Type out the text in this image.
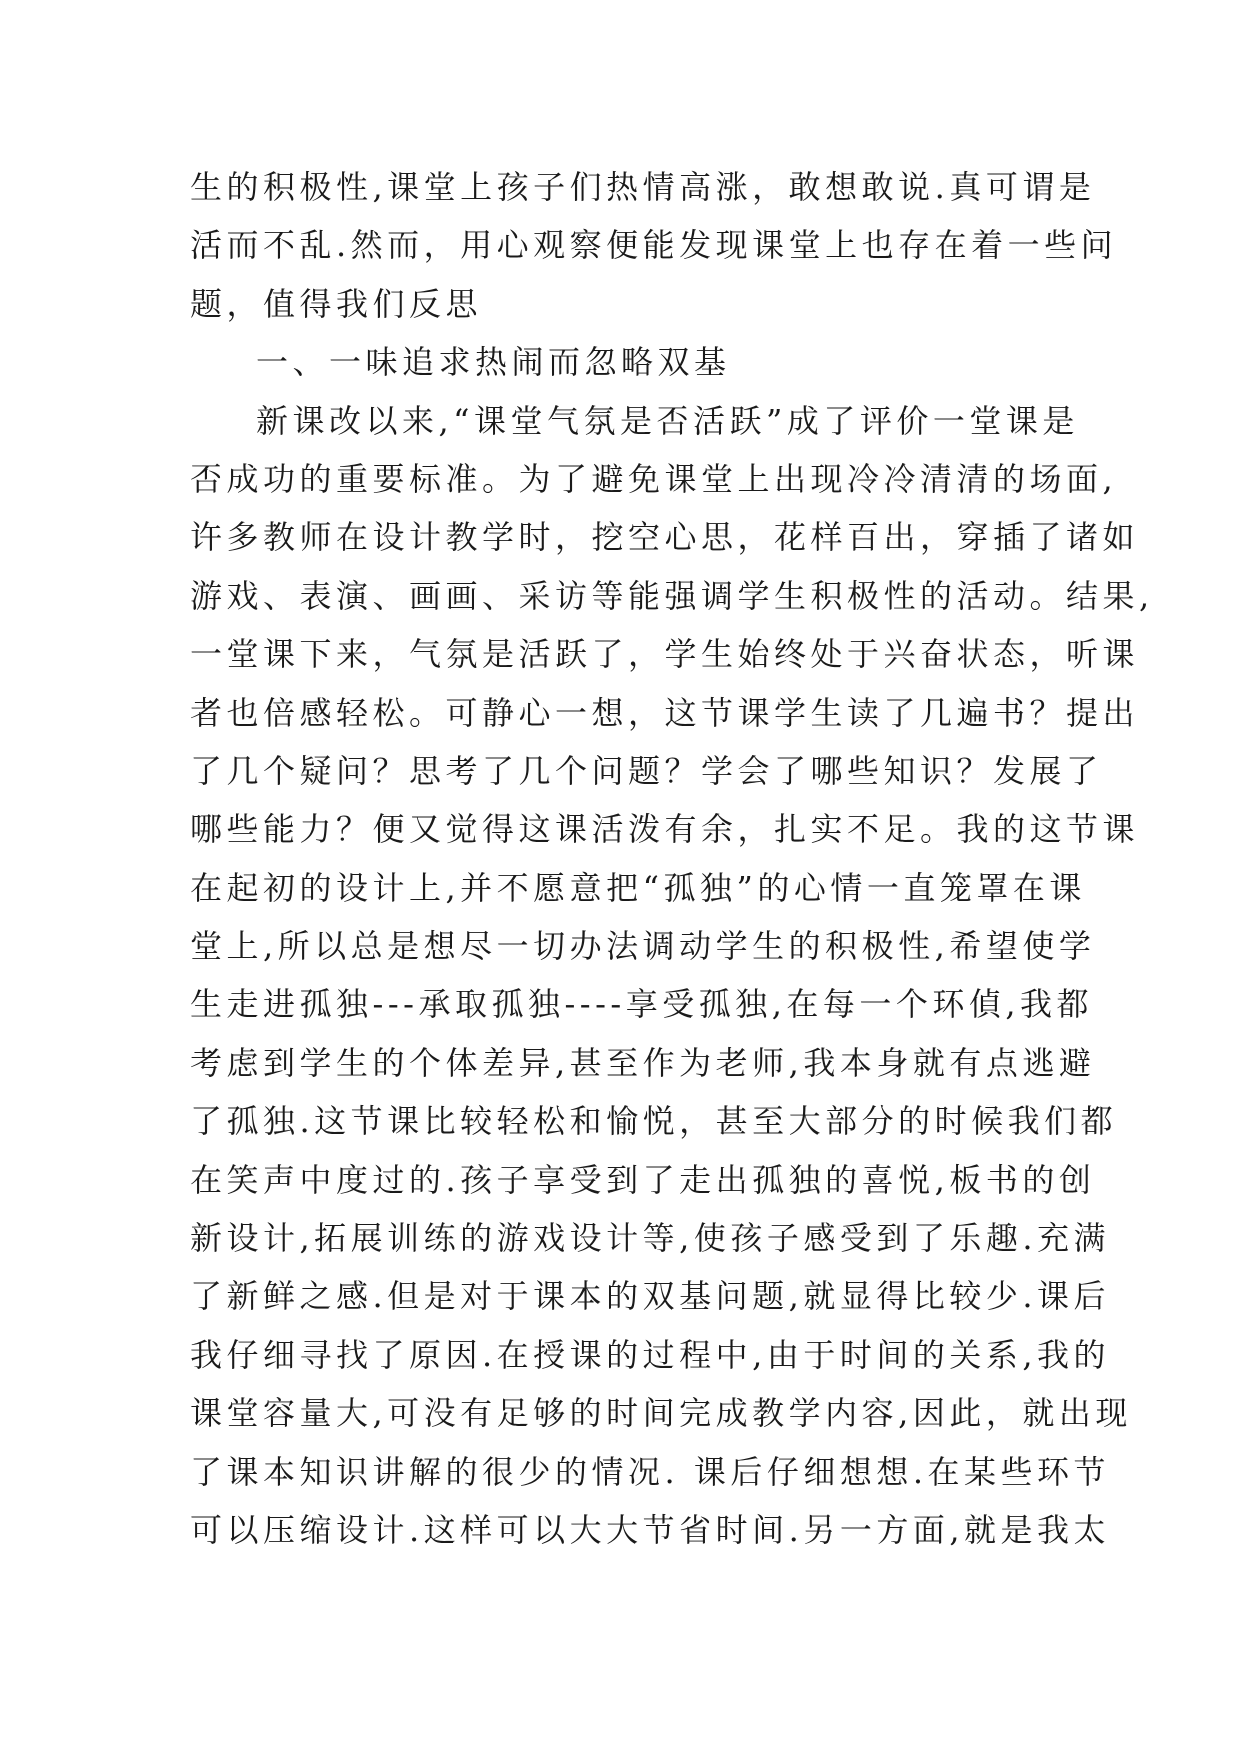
生的积极性,课堂上孩子们热情高涨，敢想敢说.真可谓是
活而不乱.然而，用心观察便能发现课堂上也存在着一些问
题，值得我们反思
一、一味追求热闹而忽略双基
新课改以来,“课堂气氛是否活跃”成了评价一堂课是
否成功的重要标准。为了避免课堂上出现冷冷清清的场面,
许多教师在设计教学时，挖空心思，花样百出，穿插了诸如
游戏、表演、画画、采访等能强调学生积极性的活动。结果,
一堂课下来，气氛是活跃了，学生始终处于兴奋状态，听课
者也倍感轻松。可静心一想，这节课学生读了几遍书？提出
了几个疑问？思考了几个问题？学会了哪些知识？发展了
哪些能力？便又觉得这课活泼有余，扎实不足。我的这节课
在起初的设计上,并不愿意把“孤独”的心情一直笼罩在课
堂上,所以总是想尽一切办法调动学生的积极性,希望使学
生走进孤独---承取孤独----享受孤独,在每一个环偵,我都
考虑到学生的个体差异,甚至作为老师,我本身就有点逃避
了孤独.这节课比较轻松和愉悦，甚至大部分的时候我们都
在笑声中度过的.孩子享受到了走出孤独的喜悦,板书的创
新设计,拓展训练的游戏设计等,使孩子感受到了乐趣.充满
了新鲜之感.但是对于课本的双基问题,就显得比较少.课后
我仔细寻找了原因.在授课的过程中,由于时间的关系,我的
课堂容量大,可没有足够的时间完成教学内容,因此，就出现
了课本知识讲解的很少的情况. 课后仔细想想.在某些环节
可以压缩设计.这样可以大大节省时间.另一方面,就是我太
